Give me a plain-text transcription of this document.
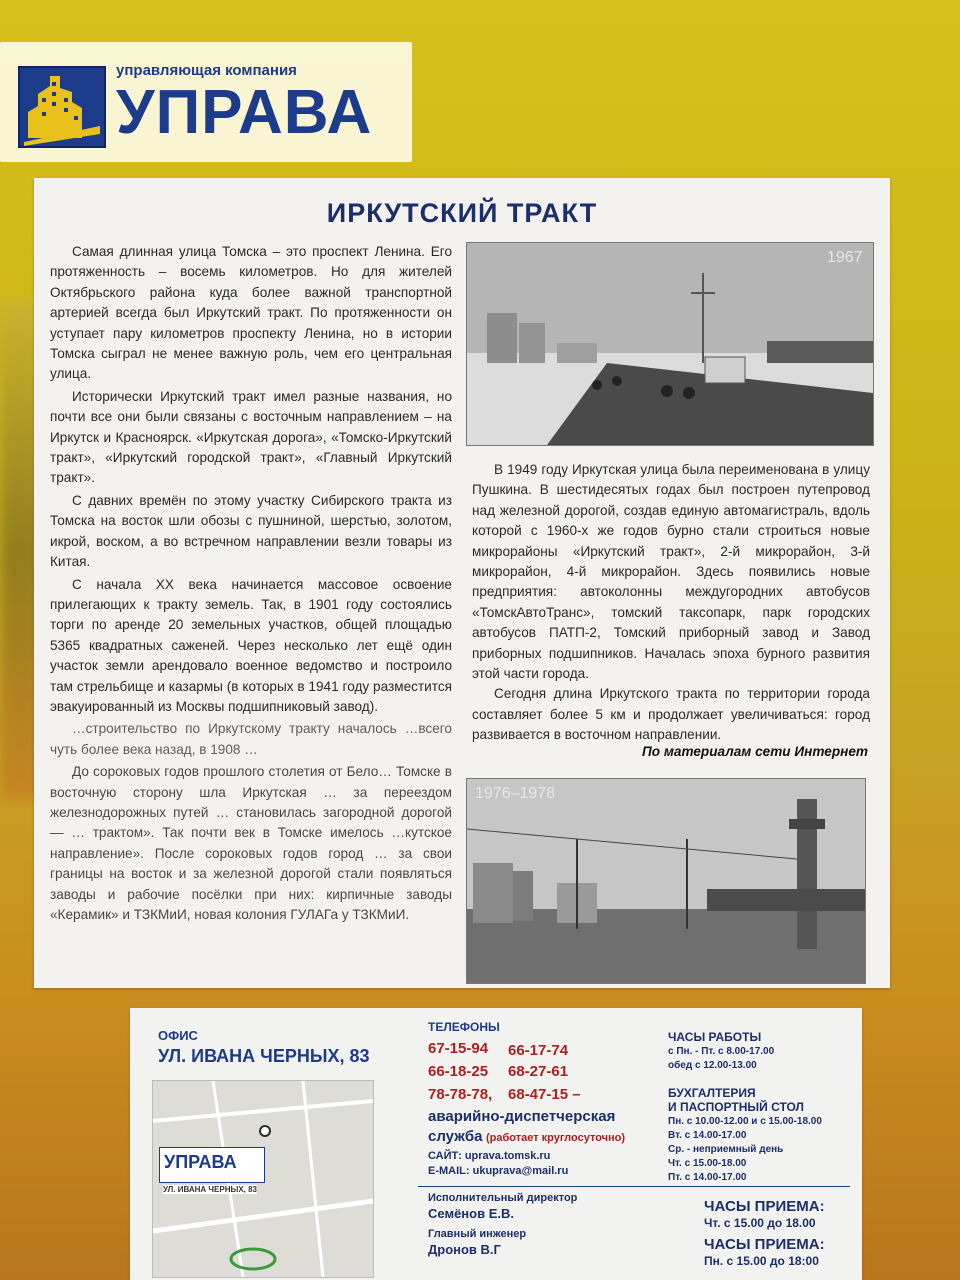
управляющая компания
УПРАВА
ИРКУТСКИЙ ТРАКТ

Самая длинная улица Томска – это проспект Ленина. Его протяженность – восемь километров. Но для жителей Октябрьского района куда более важной транспортной артерией всегда был Иркутский тракт. По протяженности он уступает пару километров проспекту Ленина, но в истории Томска сыграл не менее важную роль, чем его центральная улица.

Исторически Иркутский тракт имел разные названия, но почти все они были связаны с восточным направлением – на Иркутск и Красноярск. «Иркутская дорога», «Томско-Иркутский тракт», «Иркутский городской тракт», «Главный Иркутский тракт».

С давних времён по этому участку Сибирского тракта из Томска на восток шли обозы с пушниной, шерстью, золотом, икрой, воском, а во встречном направлении везли товары из Китая.

С начала XX века начинается массовое освоение прилегающих к тракту земель. Так, в 1901 году состоялись торги по аренде 20 земельных участков, общей площадью 5365 квадратных саженей. Через несколько лет ещё один участок земли арендовало военное ведомство и построило там стрельбище и казармы (в которых в 1941 году разместится эвакуированный из Москвы подшипниковый завод).

…строительство по Иркутскому тракту началось …всего чуть более века назад, в 1908 …

До сороковых годов прошлого столетия от Бело… Томске в восточную сторону шла Иркутская … за переездом железнодорожных путей … становилась загородной дорогой — … трактом». Так почти век в Томске имелось …кутское направление». После сороковых годов город … за свои границы на восток и за железной дорогой стали появляться заводы и рабочие посёлки при них: кирпичные заводы «Керамик» и ТЗКМиИ, новая колония ГУЛАГа у ТЗКМиИ.

1967

В 1949 году Иркутская улица была переименована в улицу Пушкина. В шестидесятых годах был построен путепровод над железной дорогой, создав единую автомагистраль, вдоль которой с 1960-х же годов бурно стали строиться новые микрорайоны «Иркутский тракт», 2-й микрорайон, 3-й микрорайон, 4-й микрорайон. Здесь появились новые предприятия: автоколонны междугородних автобусов «ТомскАвтоТранс», томский таксопарк, парк городских автобусов ПАТП-2, Томский приборный завод и Завод приборных подшипников. Началась эпоха бурного развития этой части города.

Сегодня длина Иркутского тракта по территории города составляет более 5 км и продолжает увеличиваться: город развивается в восточном направлении.

По материалам сети Интернет
1976–1978
ОФИС
УЛ. ИВАНА ЧЕРНЫХ, 83
УПРАВА
УЛ. ИВАНА ЧЕРНЫХ, 83
ТЕЛЕФОНЫ
67-15-94 66-17-74
66-18-25 68-27-61
78-78-78, 68-47-15 –
аварийно-диспетчерская
служба (работает круглосуточно)
САЙТ: uprava.tomsk.ru
E-MAIL: ukuprava@mail.ru
Исполнительный директор
Семёнов Е.В.
Главный инженер
Дронов В.Г
ЧАСЫ РАБОТЫ
с Пн. - Пт. с 8.00-17.00
обед с 12.00-13.00
БУХГАЛТЕРИЯ
И ПАСПОРТНЫЙ СТОЛ
Пн. с 10.00-12.00 и с 15.00-18.00
Вт. с 14.00-17.00
Ср. - неприемный день
Чт. с 15.00-18.00
Пт. с 14.00-17.00
ЧАСЫ ПРИЕМА:
Чт. с 15.00 до 18.00
ЧАСЫ ПРИЕМА:
Пн. с 15.00 до 18:00
